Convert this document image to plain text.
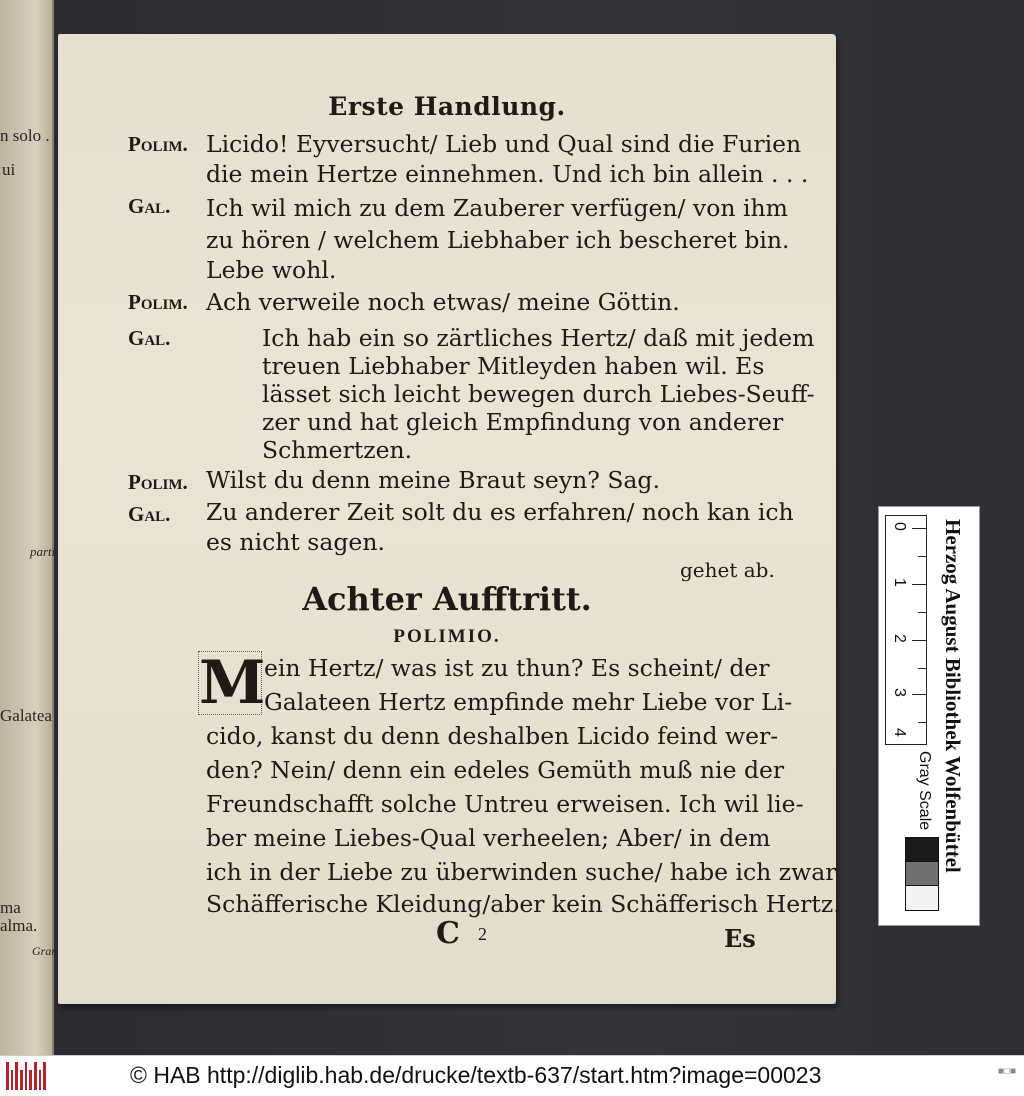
n solo . .
ui
parti
Galatea
ma
alma.
Gran
Erste Handlung.
Polim. Licido! Eyversucht/ Lieb und Qual sind die Furien
die mein Hertze einnehmen. Und ich bin allein . . .
Gal. Ich wil mich zu dem Zauberer verfügen/ von ihm
zu hören / welchem Liebhaber ich bescheret bin.
Lebe wohl.
Polim. Ach verweile noch etwas/ meine Göttin.
Gal.	Ich hab ein so zärtliches Hertz/ daß mit jedem
treuen Liebhaber Mitleyden haben wil. Es
lässet sich leicht bewegen durch Liebes-Seuff-
zer und hat gleich Empfindung von anderer
Schmertzen.
Polim. Wilst du denn meine Braut seyn? Sag.
Gal. Zu anderer Zeit solt du es erfahren/ noch kan ich
es nicht sagen.
gehet ab.
Achter Aufftritt.
POLIMIO.
M
ein Hertz/ was ist zu thun? Es scheint/ der
Galateen Hertz empfinde mehr Liebe vor Li-
cido, kanst du denn deshalben Licido feind wer-
den? Nein/ denn ein edeles Gemüth muß nie der
Freundschafft solche Untreu erweisen. Ich wil lie-
ber meine Liebes-Qual verheelen; Aber/ in dem
ich in der Liebe zu überwinden suche/ habe ich zwar
Schäfferische Kleidung/aber kein Schäfferisch Hertz.
C 2	Es
0
1
2
3
4 Herzog August Bibliothek Wolfenbüttel
Gray Scale
© HAB http://diglib.hab.de/drucke/textb-637/start.htm?image=00023	■□■
